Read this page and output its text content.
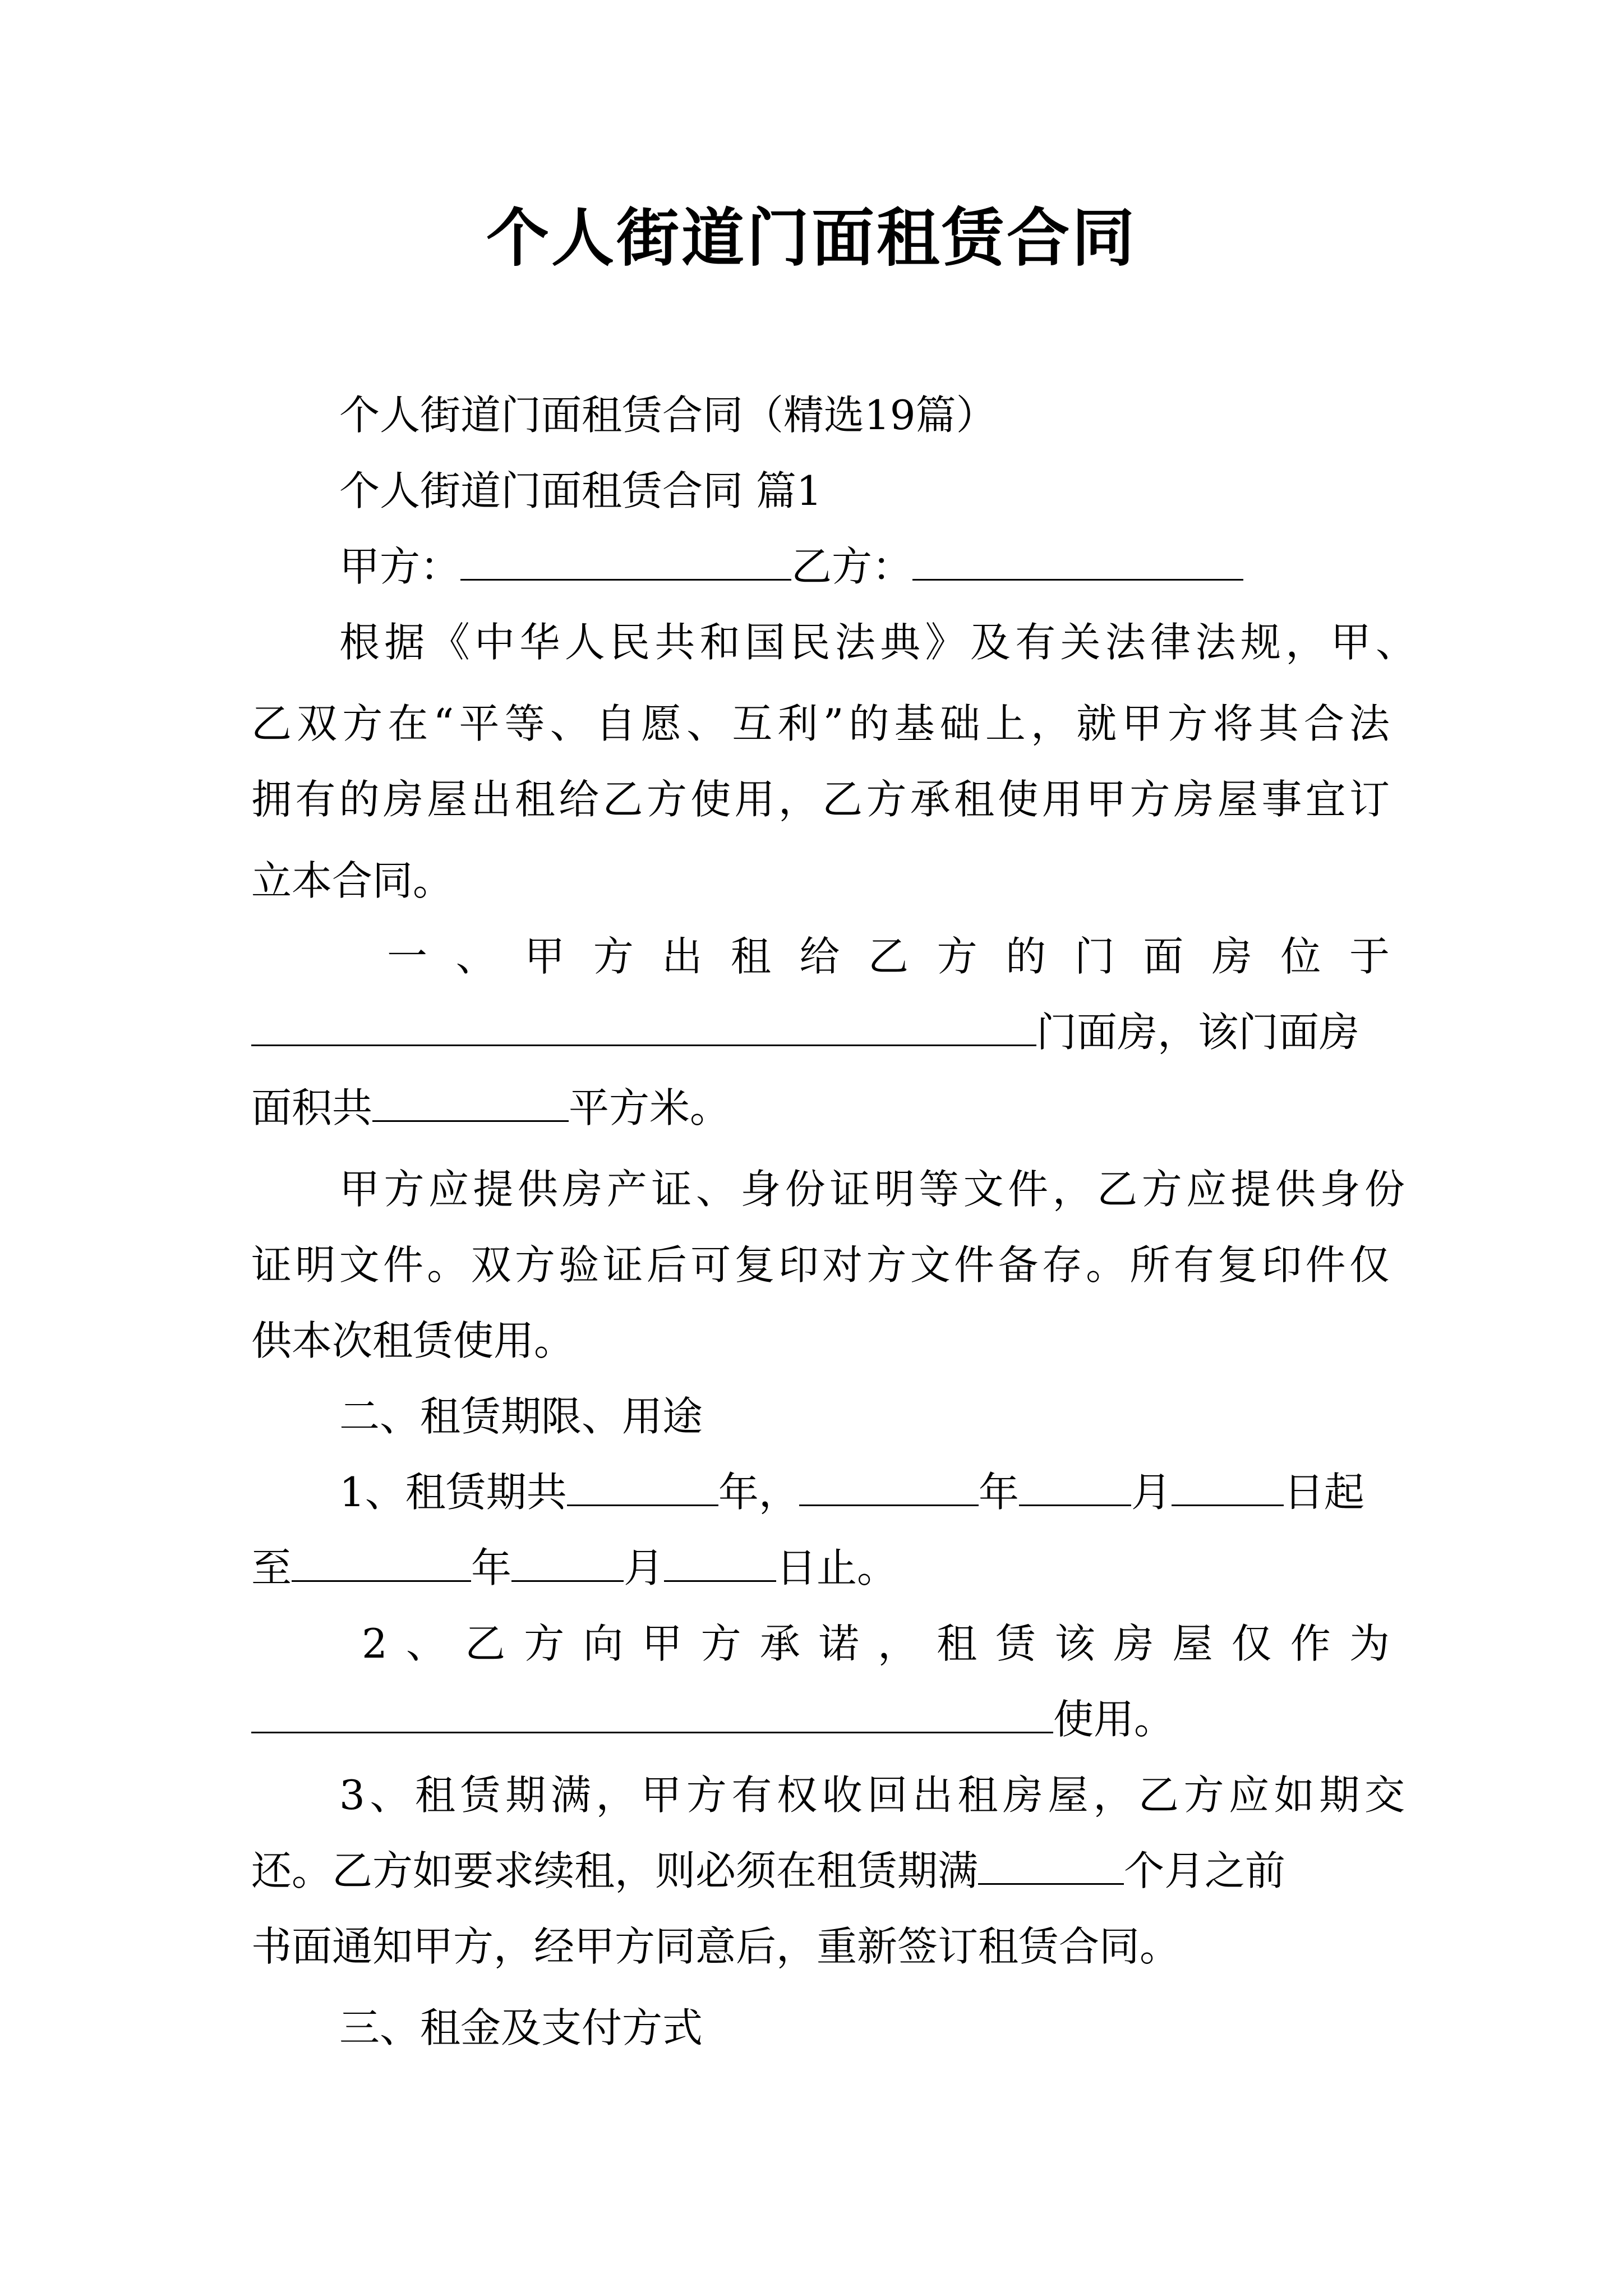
个人街道门面租赁合同
个人街道门面租赁合同（精选19篇）
个人街道门面租赁合同 篇1
甲方：	乙方：
根据《中华人民共和国民法典》及有关法律法规，甲、
乙双方在“平等、自愿、互利”的基础上，就甲方将其合法
拥有的房屋出租给乙方使用，乙方承租使用甲方房屋事宜订
立本合同。
一、甲方出租给乙方的门面房位于
门面房，该门面房
面积共	平方米。
甲方应提供房产证、身份证明等文件，乙方应提供身份
证明文件。双方验证后可复印对方文件备存。所有复印件仅
供本次租赁使用。
二、租赁期限、用途
1、租赁期共	年，	年	月	日起
至	年	月	日止。
2、乙方向甲方承诺，租赁该房屋仅作为
使用。
3、租赁期满，甲方有权收回出租房屋，乙方应如期交
还。乙方如要求续租，则必须在租赁期满	个月之前
书面通知甲方，经甲方同意后，重新签订租赁合同。
三、租金及支付方式
